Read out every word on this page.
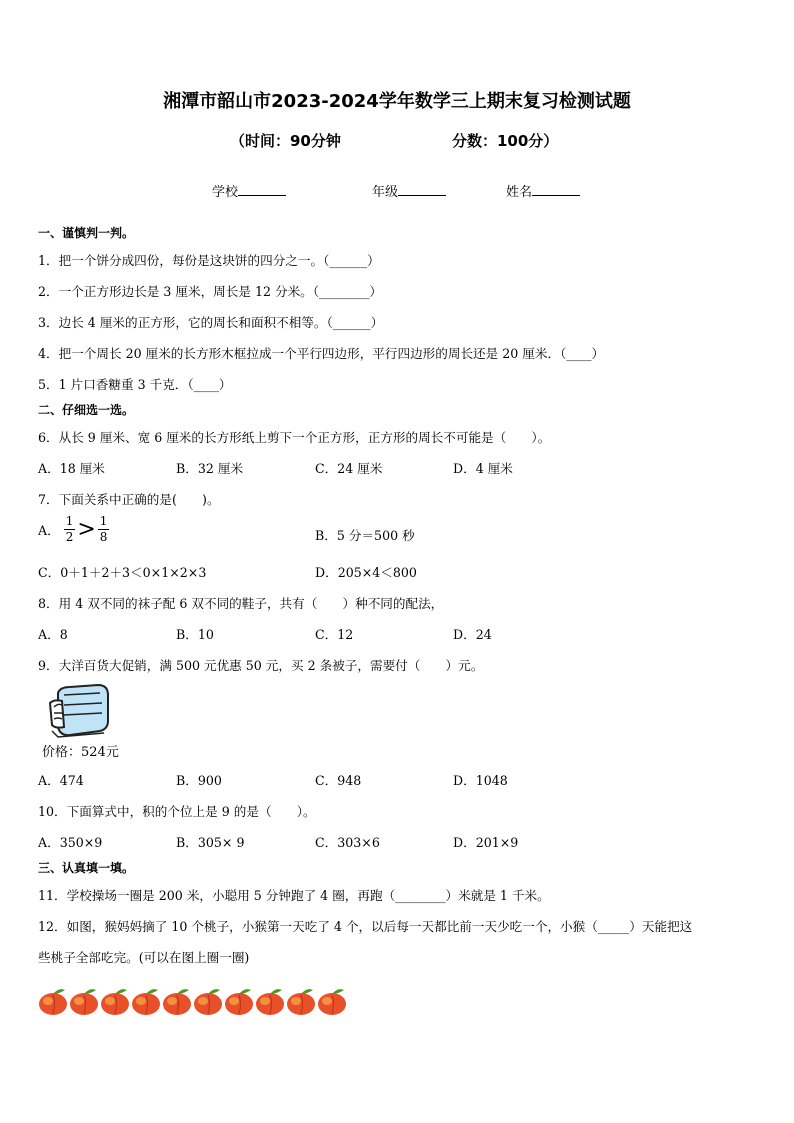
湘潭市韶山市2023-2024学年数学三上期末复习检测试题
（时间：90分钟	分数：100分）
学校	年级	姓名
一、谨慎判一判。
1．把一个饼分成四份，每份是这块饼的四分之一。（______）
2．一个正方形边长是 3 厘米，周长是 12 分米。（________）
3．边长 4 厘米的正方形，它的周长和面积不相等。（______）
4．把一个周长 20 厘米的长方形木框拉成一个平行四边形，平行四边形的周长还是 20 厘米．（____）
5．1 片口香糖重 3 千克．（____）
二、仔细选一选。
6．从长 9 厘米、宽 6 厘米的长方形纸上剪下一个正方形，正方形的周长不可能是（　　）。
A．18 厘米	B．32 厘米	C．24 厘米	D．4 厘米
7．下面关系中正确的是(　　)。
A． $\frac{1}{2} > \frac{1}{8}$	B．5 分＝500 秒
C．0＋1＋2＋3＜0×1×2×3	D．205×4＜800
8．用 4 双不同的袜子配 6 双不同的鞋子，共有（　　）种不同的配法，
A．8	B．10	C．12	D．24
9．大洋百货大促销，满 500 元优惠 50 元，买 2 条被子，需要付（　　）元。
价格：524元
A．474	B．900	C．948	D．1048
10．下面算式中，积的个位上是 9 的是（　　）。
A．350×9	B．305× 9	C．303×6	D．201×9
三、认真填一填。
11．学校操场一圈是 200 米，小聪用 5 分钟跑了 4 圈，再跑（________）米就是 1 千米。
12．如图，猴妈妈摘了 10 个桃子，小猴第一天吃了 4 个，以后每一天都比前一天少吃一个，小猴（_____）天能把这
些桃子全部吃完。(可以在图上圈一圈)
